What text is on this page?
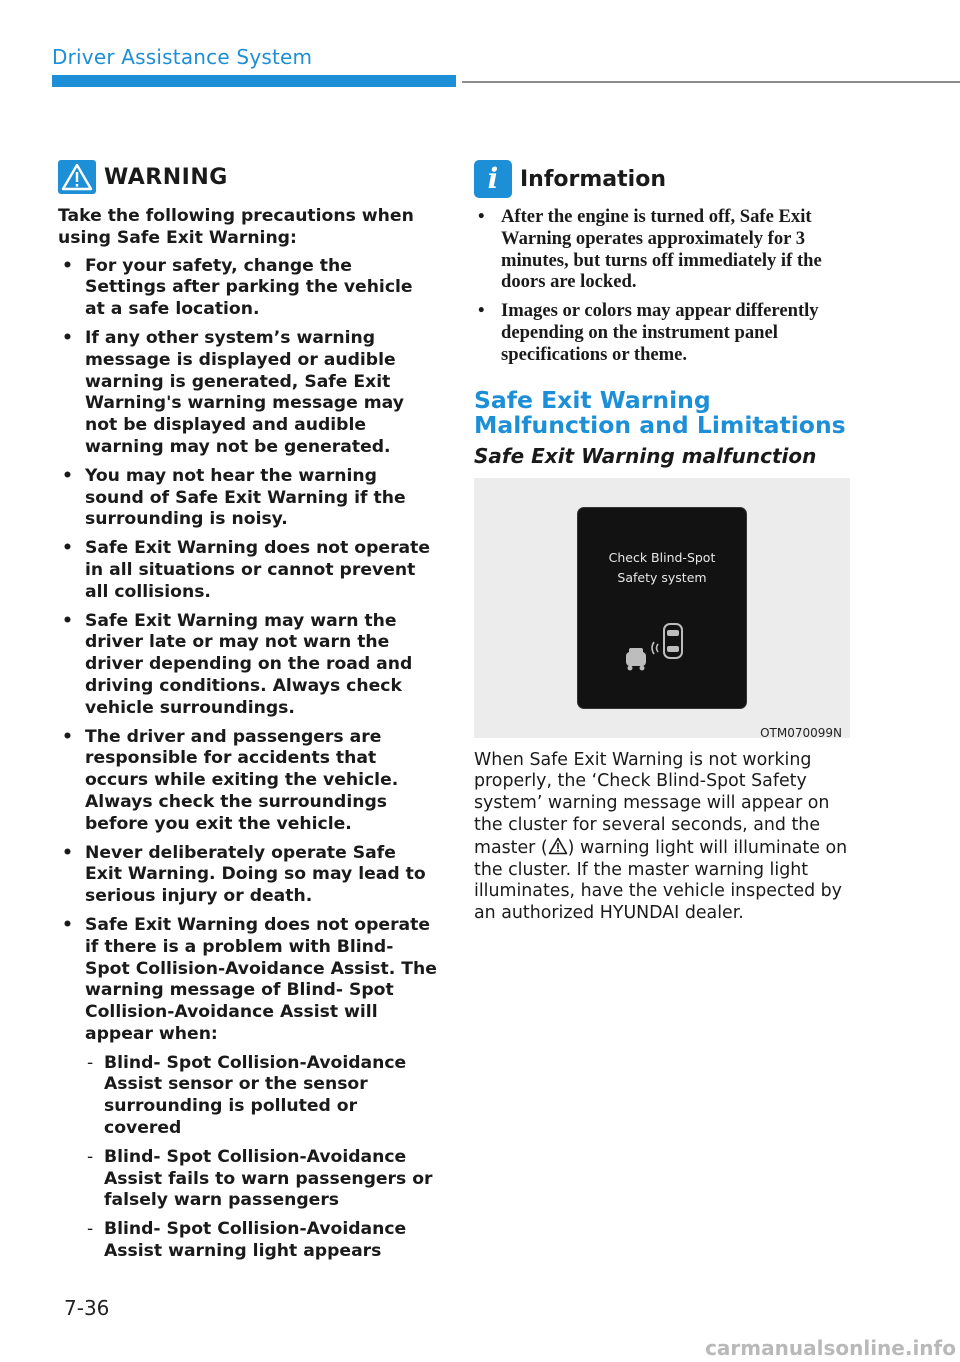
Driver Assistance System
WARNING

Take the following precautions when using Safe Exit Warning:

• For your safety, change the Settings after parking the vehicle at a safe location.
• If any other system’s warning message is displayed or audible warning is generated, Safe Exit Warning's warning message may not be displayed and audible warning may not be generated.
• You may not hear the warning sound of Safe Exit Warning if the surrounding is noisy.
• Safe Exit Warning does not operate in all situations or cannot prevent all collisions.
• Safe Exit Warning may warn the driver late or may not warn the driver depending on the road and driving conditions. Always check vehicle surroundings.
• The driver and passengers are responsible for accidents that occurs while exiting the vehicle. Always check the surroundings before you exit the vehicle.
• Never deliberately operate Safe Exit Warning. Doing so may lead to serious injury or death.
• Safe Exit Warning does not operate if there is a problem with Blind- Spot Collision-Avoidance Assist. The warning message of Blind- Spot Collision-Avoidance Assist will appear when:
- Blind- Spot Collision-Avoidance Assist sensor or the sensor surrounding is polluted or covered
- Blind- Spot Collision-Avoidance Assist fails to warn passengers or falsely warn passengers
- Blind- Spot Collision-Avoidance Assist warning light appears
i Information
• After the engine is turned off, Safe Exit Warning operates approximately for 3 minutes, but turns off immediately if the doors are locked.
• Images or colors may appear differently depending on the instrument panel specifications or theme.
Safe Exit Warning Malfunction and Limitations
Safe Exit Warning malfunction
Check Blind-Spot
Safety system
OTM070099N

When Safe Exit Warning is not working properly, the ‘Check Blind-Spot Safety system’ warning message will appear on the cluster for several seconds, and the master ( ) warning light will illuminate on the cluster. If the master warning light illuminates, have the vehicle inspected by an authorized HYUNDAI dealer.

7-36
carmanualsonline.info
